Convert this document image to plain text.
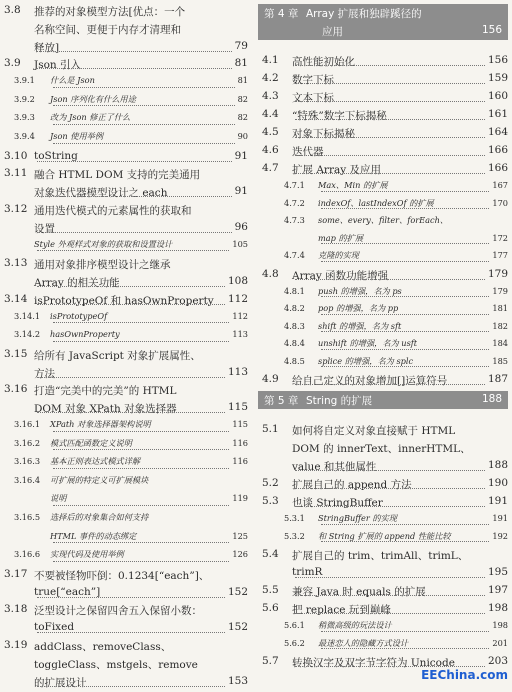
3.8 推荐的对象模型方法[优点：一个
名称空间、更便于内存才清理和
释放]	79
3.9 Json 引入	81
3.9.1 什么是 Json	81
3.9.2 Json 序列化有什么用途	82
3.9.3 改为 Json 修正了什么	82
3.9.4 Json 使用举例	90
3.10 toString	91
3.11 融合 HTML DOM 支持的完美通用
对象迭代器模型设计之 each	91
3.12 通用迭代模式的元素属性的获取和
设置	96
Style 外观样式对象的获取和设置设计	105
3.13 通用对象排序模型设计之继承
Array 的相关功能	108
3.14 isPrototypeOf 和 hasOwnProperty 112
3.14.1 isPrototypeOf	112
3.14.2 hasOwnProperty	113
3.15 给所有 JavaScript 对象扩展属性、
方法	113
3.16 打造“完美中的完美”的 HTML
DOM 对象 XPath 对象选择器	115
3.16.1 XPath 对象选择器架构说明	115
3.16.2 模式匹配函数定义说明	116
3.16.3 基本正则表达式模式详解	116
3.16.4 可扩展的特定义可扩展模块
说明	119
3.16.5 选择后的对象集合如何支持
HTML 事件的动态绑定	125
3.16.6 实现代码及使用举例	126
3.17 不要被怪物吓倒：0.1234[“each”]、
true[“each”]	152
3.18 泛型设计之保留四舍五入保留小数：
toFixed	152
3.19 addClass、removeClass、
toggleClass、mstgels、remove
的扩展设计	153
第 4 章 Array 扩展和独辟蹊径的
应用	156
4.1 高性能初始化	156
4.2 数字下标	159
4.3 文本下标	160
4.4 “特殊”数字下标揭秘	161
4.5 对象下标揭秘	164
4.6 迭代器	166
4.7 扩展 Array 及应用	166
4.7.1 Max、Min 的扩展	167
4.7.2 indexOf、lastIndexOf 的扩展	170
4.7.3 some、every、filter、forEach、
map 的扩展	172
4.7.4 克隆的实现	177
4.8 Array 函数功能增强	179
4.8.1 push 的增强，名为 ps	179
4.8.2 pop 的增强，名为 pp	181
4.8.3 shift 的增强，名为 sft	182
4.8.4 unshift 的增强，名为 usft	184
4.8.5 splice 的增强，名为 splc	185
4.9 给自己定义的对象增加[]运算符号	187
第 5 章 String 的扩展	188
5.1 如何将自定义对象直接赋于 HTML
DOM 的 innerText、innerHTML、
value 和其他属性	188
5.2 扩展自己的 append 方法	190
5.3 也谈 StringBuffer	191
5.3.1 StringBuffer 的实现	191
5.3.2 和 String 扩展的 append 性能比较	192
5.4 扩展自己的 trim、trimAll、trimL、
trimR	195
5.5 兼容 Java 时 equals 的扩展	197
5.6 把 replace 玩到巅峰	198
5.6.1 稍微高级的玩法设计	198
5.6.2 最迷恋人的隐藏方式设计	201
5.7 转换汉字及双字节字符为 Unicode	203
EEChina.com
